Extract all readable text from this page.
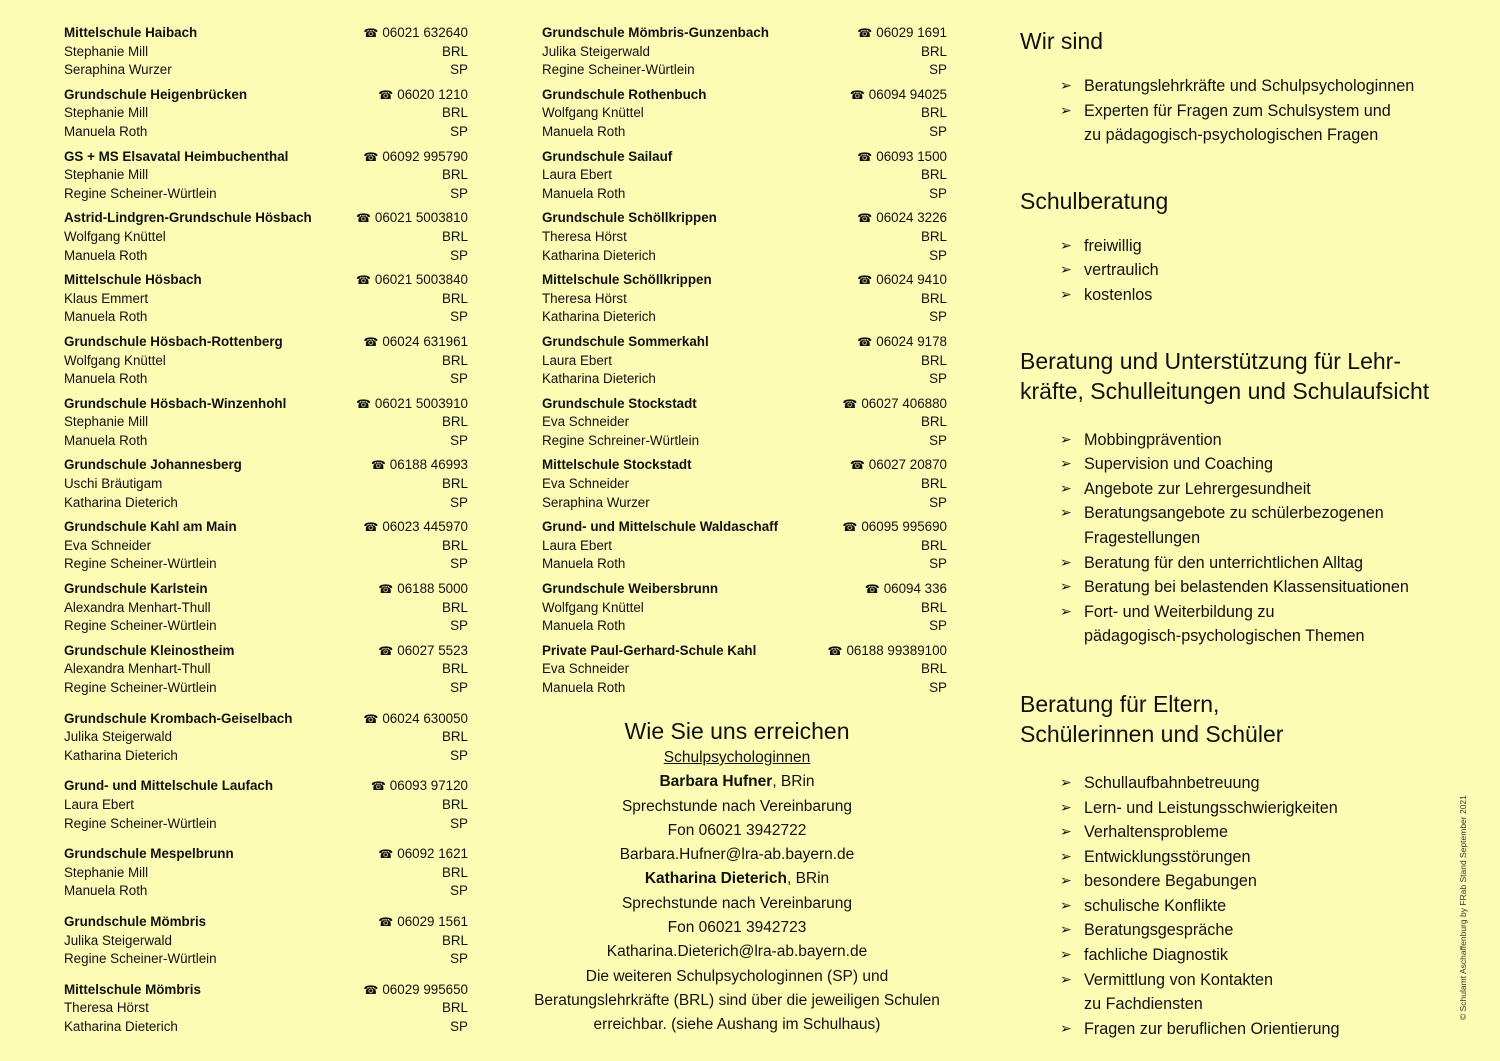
Mittelschule Haibach	☎ 06021 632640
Stephanie Mill	BRL
Seraphina Wurzer	SP
Grundschule Heigenbrücken	☎ 06020 1210
Stephanie Mill	BRL
Manuela Roth	SP
GS + MS Elsavatal Heimbuchenthal	☎ 06092 995790
Stephanie Mill	BRL
Regine Scheiner-Würtlein	SP
Astrid-Lindgren-Grundschule Hösbach	☎ 06021 5003810
Wolfgang Knüttel	BRL
Manuela Roth	SP
Mittelschule Hösbach	☎ 06021 5003840
Klaus Emmert	BRL
Manuela Roth	SP
Grundschule Hösbach-Rottenberg	☎ 06024 631961
Wolfgang Knüttel	BRL
Manuela Roth	SP
Grundschule Hösbach-Winzenhohl	☎ 06021 5003910
Stephanie Mill	BRL
Manuela Roth	SP
Grundschule Johannesberg	☎ 06188 46993
Uschi Bräutigam	BRL
Katharina Dieterich	SP
Grundschule Kahl am Main	☎ 06023 445970
Eva Schneider	BRL
Regine Scheiner-Würtlein	SP
Grundschule Karlstein	☎ 06188 5000
Alexandra Menhart-Thull	BRL
Regine Scheiner-Würtlein	SP
Grundschule Kleinostheim	☎ 06027 5523
Alexandra Menhart-Thull	BRL
Regine Scheiner-Würtlein	SP
Grundschule Krombach-Geiselbach	☎ 06024 630050
Julika Steigerwald	BRL
Katharina Dieterich	SP
Grund- und Mittelschule Laufach	☎ 06093 97120
Laura Ebert	BRL
Regine Scheiner-Würtlein	SP
Grundschule Mespelbrunn	☎ 06092 1621
Stephanie Mill	BRL
Manuela Roth	SP
Grundschule Mömbris	☎ 06029 1561
Julika Steigerwald	BRL
Regine Scheiner-Würtlein	SP
Mittelschule Mömbris	☎ 06029 995650
Theresa Hörst	BRL
Katharina Dieterich	SP
Grundschule Mömbris-Gunzenbach	☎ 06029 1691
Julika Steigerwald	BRL
Regine Scheiner-Würtlein	SP
Grundschule Rothenbuch	☎ 06094 94025
Wolfgang Knüttel	BRL
Manuela Roth	SP
Grundschule Sailauf	☎ 06093 1500
Laura Ebert	BRL
Manuela Roth	SP
Grundschule Schöllkrippen	☎ 06024 3226
Theresa Hörst	BRL
Katharina Dieterich	SP
Mittelschule Schöllkrippen	☎ 06024 9410
Theresa Hörst	BRL
Katharina Dieterich	SP
Grundschule Sommerkahl	☎ 06024 9178
Laura Ebert	BRL
Katharina Dieterich	SP
Grundschule Stockstadt	☎ 06027 406880
Eva Schneider	BRL
Regine Schreiner-Würtlein	SP
Mittelschule Stockstadt	☎ 06027 20870
Eva Schneider	BRL
Seraphina Wurzer	SP
Grund- und Mittelschule Waldaschaff	☎ 06095 995690
Laura Ebert	BRL
Manuela Roth	SP
Grundschule Weibersbrunn	☎ 06094 336
Wolfgang Knüttel	BRL
Manuela Roth	SP
Private Paul-Gerhard-Schule Kahl	☎ 06188 99389100
Eva Schneider	BRL
Manuela Roth	SP
Wie Sie uns erreichen
Schulpsychologinnen
Barbara Hufner, BRin
Sprechstunde nach Vereinbarung
Fon 06021 3942722
Barbara.Hufner@lra-ab.bayern.de
Katharina Dieterich, BRin
Sprechstunde nach Vereinbarung
Fon 06021 3942723
Katharina.Dieterich@lra-ab.bayern.de
Die weiteren Schulpsychologinnen (SP) und
Beratungslehrkräfte (BRL) sind über die jeweiligen Schulen
erreichbar. (siehe Aushang im Schulhaus)
Wir sind
➢ Beratungslehrkräfte und Schulpsychologinnen
➢ Experten für Fragen zum Schulsystem und
zu pädagogisch-psychologischen Fragen
Schulberatung
➢ freiwillig
➢ vertraulich
➢ kostenlos
Beratung und Unterstützung für Lehr-
kräfte, Schulleitungen und Schulaufsicht
➢ Mobbingprävention
➢ Supervision und Coaching
➢ Angebote zur Lehrergesundheit
➢ Beratungsangebote zu schülerbezogenen
Fragestellungen
➢ Beratung für den unterrichtlichen Alltag
➢ Beratung bei belastenden Klassensituationen
➢ Fort- und Weiterbildung zu
pädagogisch-psychologischen Themen
Beratung für Eltern,
Schülerinnen und Schüler
➢ Schullaufbahnbetreuung
➢ Lern- und Leistungsschwierigkeiten
➢ Verhaltensprobleme
➢ Entwicklungsstörungen
➢ besondere Begabungen
➢ schulische Konflikte
➢ Beratungsgespräche
➢ fachliche Diagnostik
➢ Vermittlung von Kontakten
zu Fachdiensten
➢ Fragen zur beruflichen Orientierung
© Schulamt Aschaffenburg by FRab Stand September 2021
